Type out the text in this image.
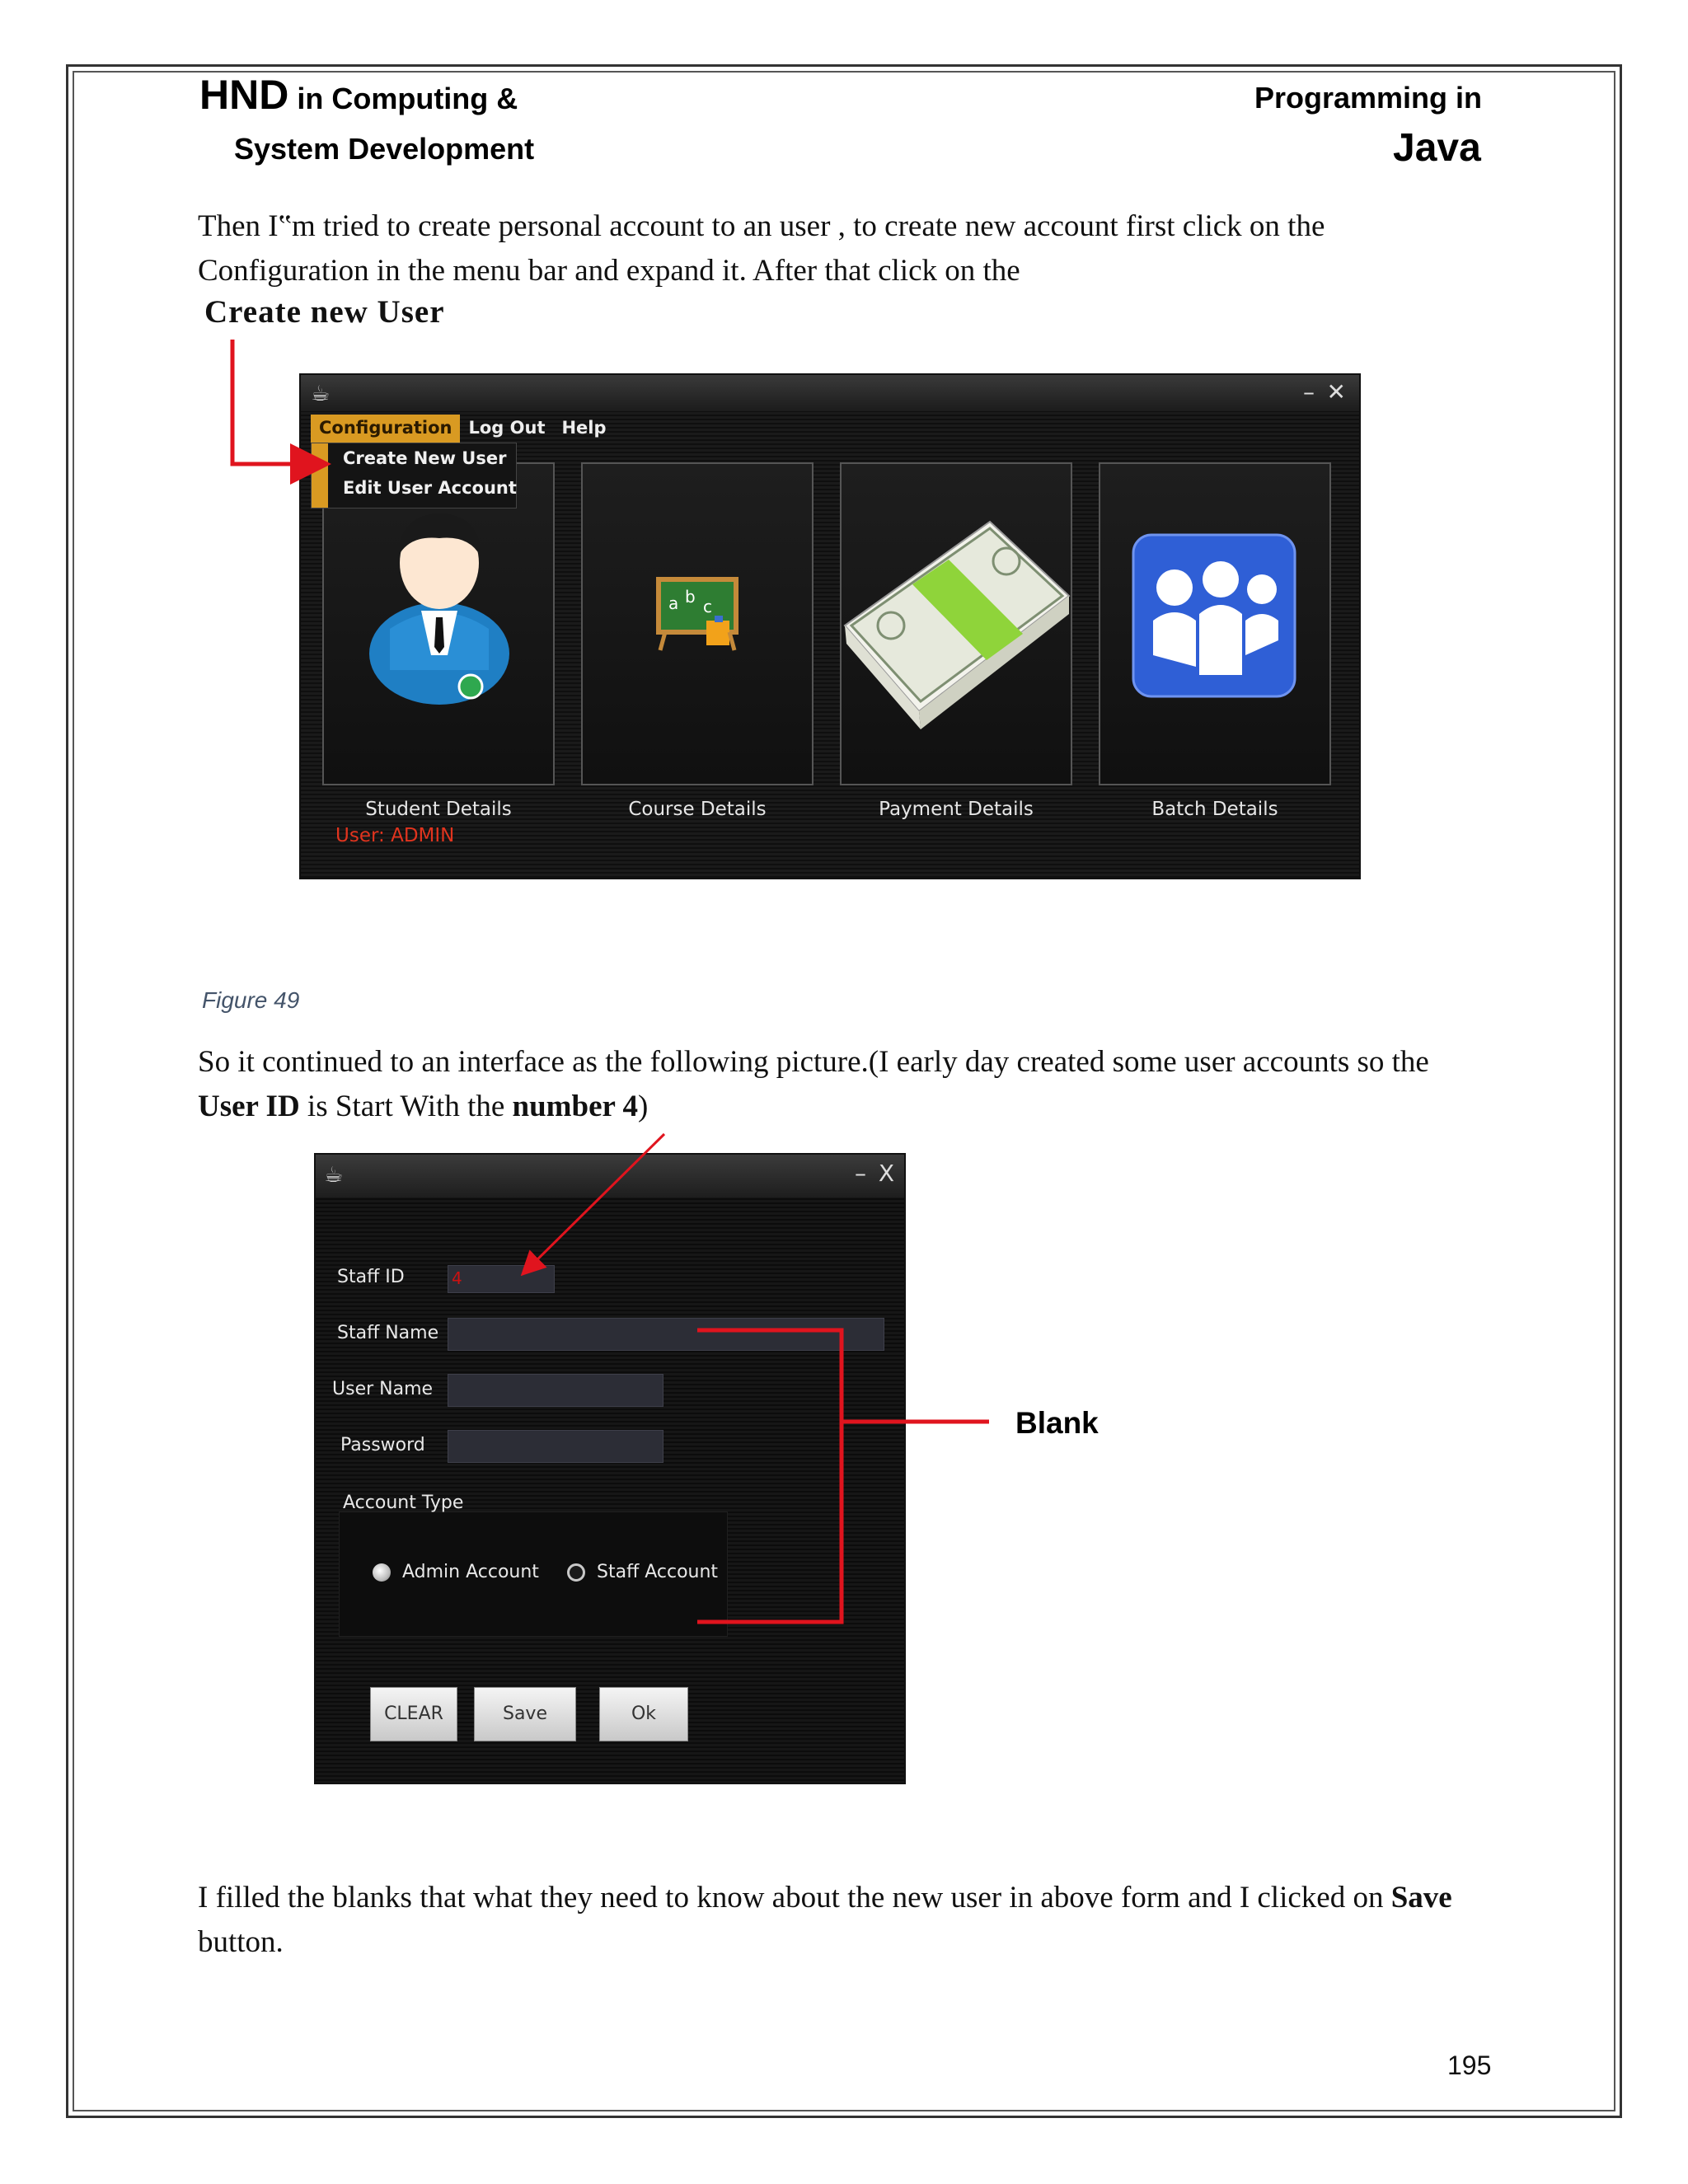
HND in Computing &
System Development
Programming in
Java
Then I‟m tried to create personal account to an user , to create new account first click on the Configuration in the menu bar and expand it. After that click on the
Create new User
☕	– ✕
Configuration Log Out Help
a b c
Create New User
Edit User Account
Student Details	Course Details	Payment Details	Batch Details
User: ADMIN
Figure 49
So it continued to an interface as the following picture.(I early day created some user accounts so the User ID is Start With the number 4)
☕	– X
Staff ID	4
Staff Name
User Name
Password
Account Type
Admin Account	Staff Account
CLEAR	Save	Ok
Blank
I filled the blanks that what they need to know about the new user in above form and I clicked on Save button.
195
